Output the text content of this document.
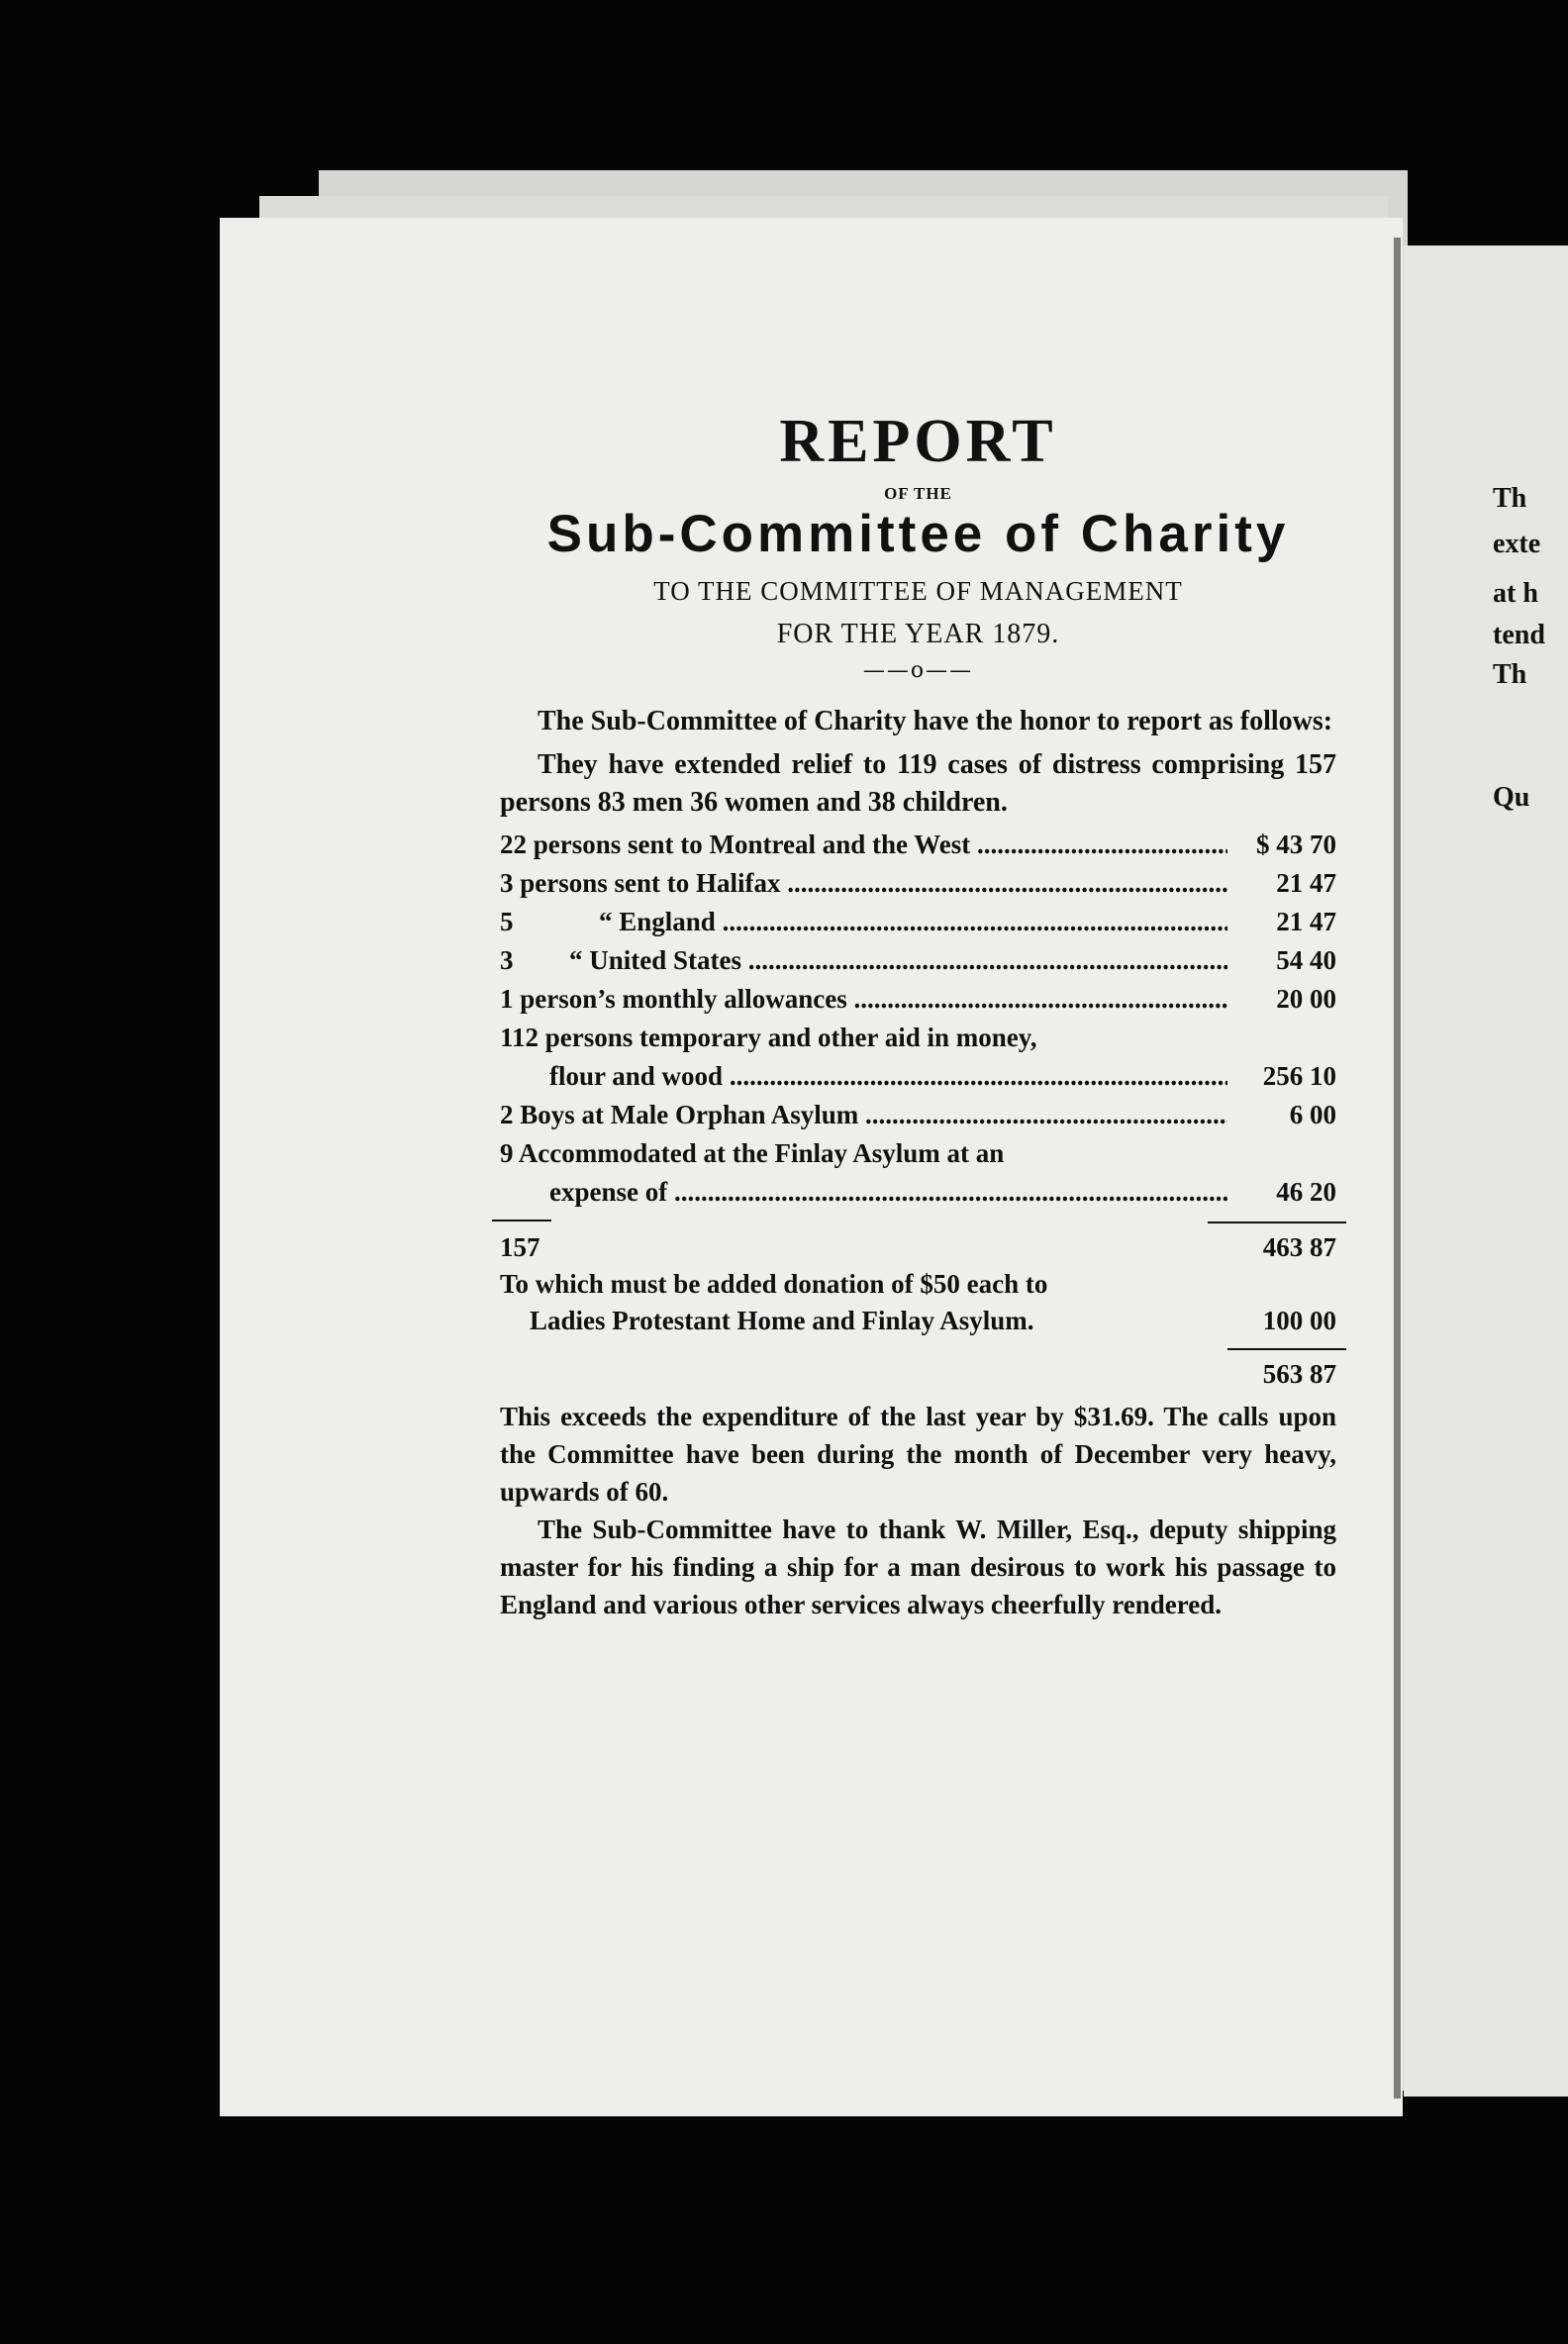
Th
exte
at h
tend
Th
Qu
REPORT
OF THE
Sub-Committee of Charity
TO THE COMMITTEE OF MANAGEMENT
FOR THE YEAR 1879.
——o——

The Sub-Committee of Charity have the honor to report as follows:

They have extended relief to 119 cases of distress comprising 157 persons 83 men 36 women and 38 children.

22 persons sent to Montreal and the West .....	$ 43 70
3 persons sent to Halifax .....	21 47
5	“ England .....	21 47
3	“ United States .....	54 40
1 person’s monthly allowances .....	20 00
112 persons temporary and other aid in money,
flour and wood .....	256 10
2 Boys at Male Orphan Asylum .....	6 00
9 Accommodated at the Finlay Asylum at an
expense of .....	46 20
157	463 87
To which must be added donation of $50 each to
Ladies Protestant Home and Finlay Asylum.	100 00
563 87

This exceeds the expenditure of the last year by $31.69. The calls upon the Committee have been during the month of December very heavy, upwards of 60.

The Sub-Committee have to thank W. Miller, Esq., deputy shipping master for his finding a ship for a man desirous to work his passage to England and various other services always cheerfully rendered.
